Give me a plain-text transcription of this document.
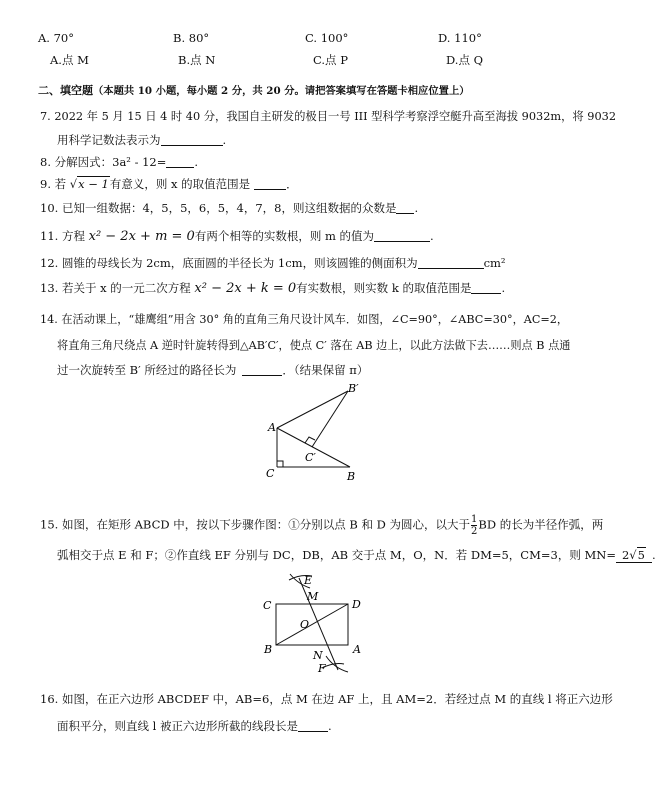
A. 70°	B. 80°	C. 100°	D. 110°
A.点 M	B.点 N	C.点 P	D.点 Q
二、填空题（本题共 10 小题，每小题 2 分，共 20 分。请把答案填写在答题卡相应位置上）
7. 2022 年 5 月 15 日 4 时 40 分，我国自主研发的极目一号 III 型科学考察浮空艇升高至海拔 9032m，将 9032
用科学记数法表示为	.
8. 分解因式：3a² - 12= .
9. 若 √x − 1有意义，则 x 的取值范围是	．
10. 已知一组数据：4，5，5，6，5，4，7，8，则这组数据的众数是 .
11. 方程 x² − 2x + m = 0有两个相等的实数根，则 m 的值为	.
12. 圆锥的母线长为 2cm，底面圆的半径长为 1cm，则该圆锥的侧面积为	cm²
13. 若关于 x 的一元二次方程 x² − 2x + k = 0有实数根，则实数 k 的取值范围是	.
14. 在活动课上，“雄鹰组”用含 30° 角的直角三角尺设计风车．如图，∠C=90°，∠ABC=30°，AC=2，
将直角三角尺绕点 A 逆时针旋转得到△AB′C′，使点 C′ 落在 AB 边上，以此方法做下去……则点 B 点通
过一次旋转至 B′ 所经过的路径长为	．（结果保留 π）
A
C	B
B′
C′
15. 如图，在矩形 ABCD 中，按以下步骤作图：①分别以点 B 和 D 为圆心，以大于 $\frac{1}{2}$ BD 的长为半径作弧，两
弧相交于点 E 和 F；②作直线 EF 分别与 DC，DB，AB 交于点 M，O，N．若 DM=5，CM=3，则 MN= 2√5 .
E
M
C	D
O
B	A
N
F
16. 如图，在正六边形 ABCDEF 中，AB=6，点 M 在边 AF 上，且 AM=2．若经过点 M 的直线 l 将正六边形
面积平分，则直线 l 被正六边形所截的线段长是	.
